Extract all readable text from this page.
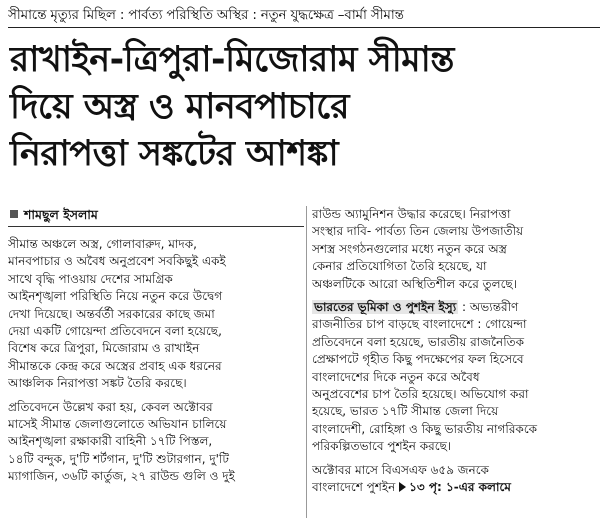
সীমান্তে মৃত্যুর মিছিল : পার্বত্য পরিস্থিতি অস্থির : নতুন যুদ্ধক্ষেত্র –বার্মা সীমান্ত
রাখাইন-ত্রিপুরা-মিজোরাম সীমান্ত
দিয়ে অস্ত্র ও মানবপাচারে
নিরাপত্তা সঙ্কটের আশঙ্কা
শামছুল ইসলাম

সীমান্ত অঞ্চলে অস্ত্র, গোলাবারুদ, মাদক,
মানবপাচার ও অবৈধ অনুপ্রবেশ সবকিছুই একই
সাথে বৃদ্ধি পাওয়ায় দেশের সামগ্রিক
আইনশৃঙ্খলা পরিস্থিতি নিয়ে নতুন করে উদ্বেগ
দেখা দিয়েছে। অন্তর্বর্তী সরকারের কাছে জমা
দেয়া একটি গোয়েন্দা প্রতিবেদনে বলা হয়েছে,
বিশেষ করে ত্রিপুরা, মিজোরাম ও রাখাইন
সীমান্তকে কেন্দ্র করে অস্ত্রের প্রবাহ এক ধরনের
আঞ্চলিক নিরাপত্তা সঙ্কট তৈরি করছে।

প্রতিবেদনে উল্লেখ করা হয়, কেবল অক্টোবর
মাসেই সীমান্ত জেলাগুলোতে অভিযান চালিয়ে
আইনশৃঙ্খলা রক্ষাকারী বাহিনী ১৭টি পিস্তল,
১৪টি বন্দুক, দু'টি শর্টগান, দু'টি শুটারগান, দু'টি
ম্যাগাজিন, ৩৬টি কার্তুজ, ২৭ রাউন্ড গুলি ও দুই

রাউন্ড অ্যামুনিশন উদ্ধার করেছে। নিরাপত্তা
সংস্থার দাবি- পার্বত্য তিন জেলায় উপজাতীয়
সশস্ত্র সংগঠনগুলোর মধ্যে নতুন করে অস্ত্র
কেনার প্রতিযোগিতা তৈরি হয়েছে, যা
অঞ্চলটিকে আরো অস্থিতিশীল করে তুলছে।

ভারতের ভূমিকা ও পুশইন ইস্যু : অভ্যন্তরীণ
রাজনীতির চাপ বাড়ছে বাংলাদেশে : গোয়েন্দা
প্রতিবেদনে বলা হয়েছে, ভারতীয় রাজনৈতিক
প্রেক্ষাপটে গৃহীত কিছু পদক্ষেপের ফল হিসেবে
বাংলাদেশের দিকে নতুন করে অবৈধ
অনুপ্রবেশের চাপ তৈরি হয়েছে। অভিযোগ করা
হয়েছে, ভারত ১৭টি সীমান্ত জেলা দিয়ে
বাংলাদেশী, রোহিঙ্গা ও কিছু ভারতীয় নাগরিককে
পরিকল্পিতভাবে পুশইন করছে।

অক্টোবর মাসে বিএসএফ ৬৫৯ জনকে
বাংলাদেশে পুশইন ১৩ পৃ: ১-এর কলামে
